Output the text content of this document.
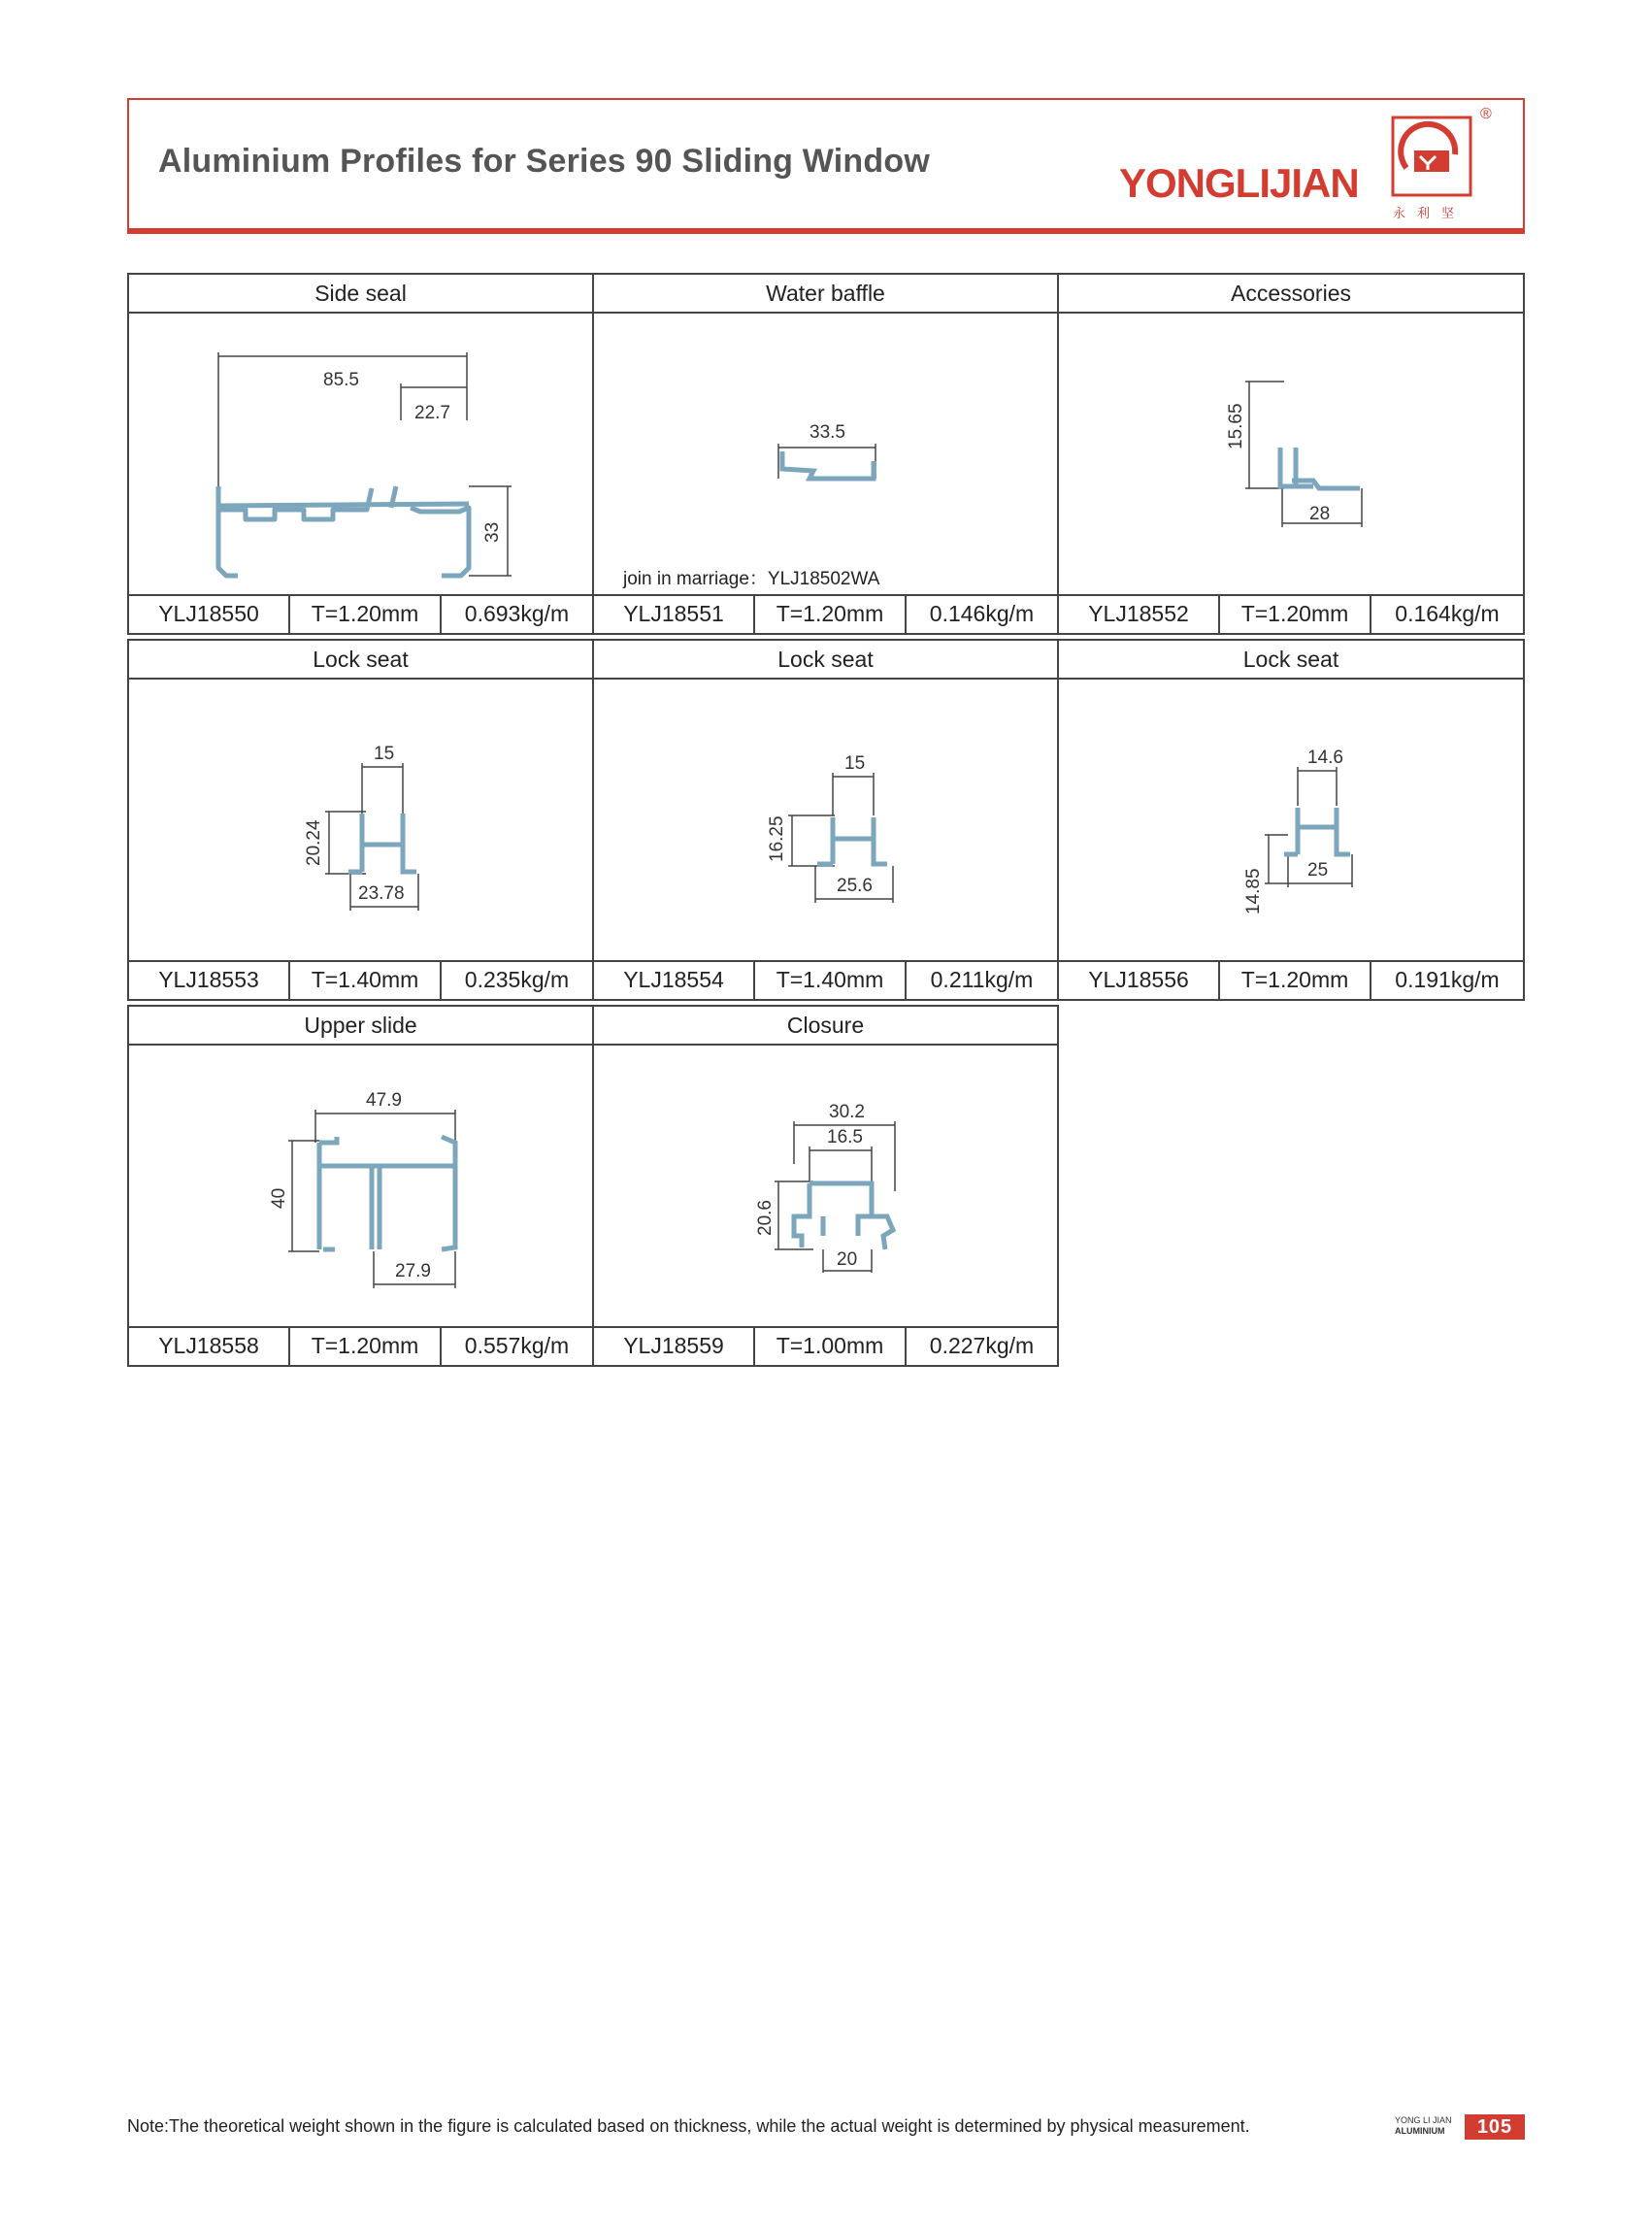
Aluminium Profiles for Series 90 Sliding Window	YONGLIJIAN
永利坚
®
Side seal
85.5
22.7
33
YLJ18550	T=1.20mm	0.693kg/m
Water baffle
33.5
join in marriage：YLJ18502WA
YLJ18551	T=1.20mm	0.146kg/m
Accessories
15.65
28
YLJ18552	T=1.20mm	0.164kg/m
Lock seat
15
20.24
23.78
YLJ18553	T=1.40mm	0.235kg/m
Lock seat
15
16.25
25.6
YLJ18554	T=1.40mm	0.211kg/m
Lock seat
14.6
14.85 25
YLJ18556	T=1.20mm	0.191kg/m
Upper slide
47.9
40
27.9
YLJ18558	T=1.20mm	0.557kg/m
Closure
30.2
16.5
20.6
20
YLJ18559	T=1.00mm	0.227kg/m
Note:The theoretical weight shown in the figure is calculated based on thickness, while the actual weight is determined by physical measurement.	YONG LI JIAN
ALUMINIUM	105
